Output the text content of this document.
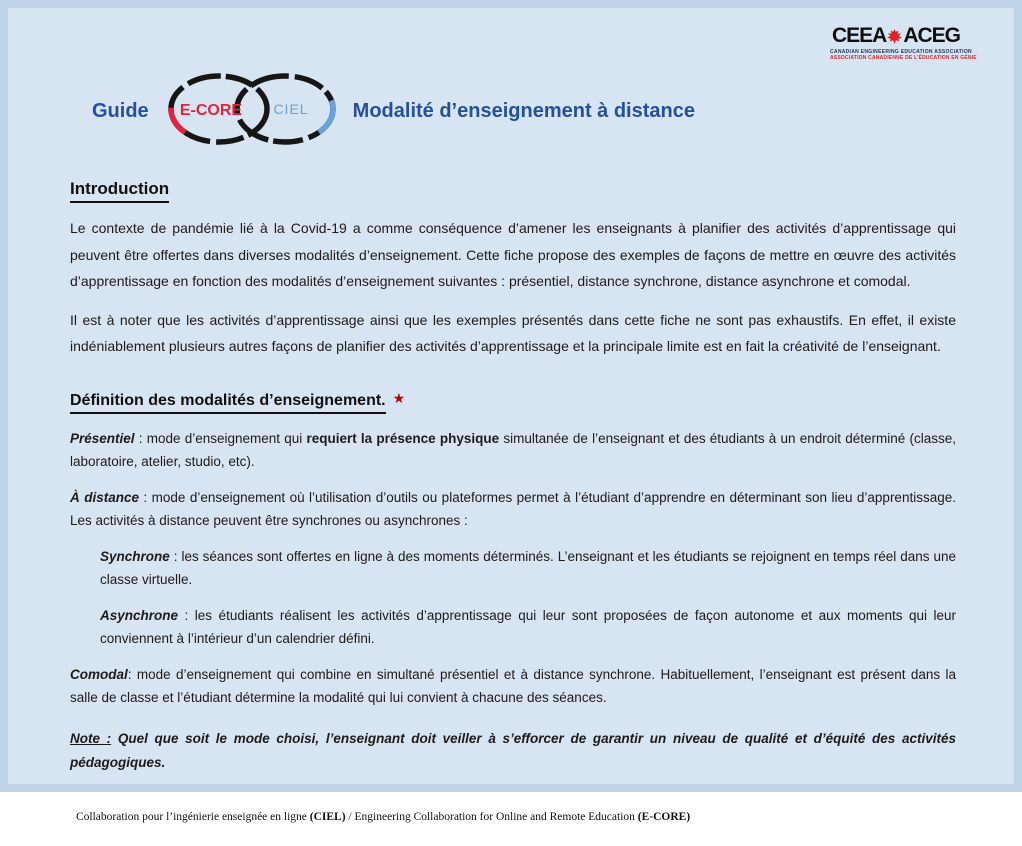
CEEA ACEG
CANADIAN ENGINEERING EDUCATION ASSOCIATION
ASSOCIATION CANADIENNE DE L’ÉDUCATION EN GÉNIE
Guide E-CORE CIEL Modalité d’enseignement à distance
Introduction

Le contexte de pandémie lié à la Covid-19 a comme conséquence d’amener les enseignants à planifier des activités d’apprentissage qui peuvent être offertes dans diverses modalités d’enseignement. Cette fiche propose des exemples de façons de mettre en œuvre des activités d’apprentissage en fonction des modalités d’enseignement suivantes : présentiel, distance synchrone, distance asynchrone et comodal.

Il est à noter que les activités d’apprentissage ainsi que les exemples présentés dans cette fiche ne sont pas exhaustifs. En effet, il existe indéniablement plusieurs autres façons de planifier des activités d’apprentissage et la principale limite est en fait la créativité de l’enseignant.

Définition des modalités d’enseignement. ★

Présentiel : mode d’enseignement qui requiert la présence physique simultanée de l’enseignant et des étudiants à un endroit déterminé (classe, laboratoire, atelier, studio, etc).

À distance : mode d’enseignement où l’utilisation d’outils ou plateformes permet à l’étudiant d’apprendre en déterminant son lieu d’apprentissage. Les activités à distance peuvent être synchrones ou asynchrones :

Synchrone : les séances sont offertes en ligne à des moments déterminés. L’enseignant et les étudiants se rejoignent en temps réel dans une classe virtuelle.

Asynchrone : les étudiants réalisent les activités d’apprentissage qui leur sont proposées de façon autonome et aux moments qui leur conviennent à l’intérieur d’un calendrier défini.

Comodal: mode d’enseignement qui combine en simultané présentiel et à distance synchrone. Habituellement, l’enseignant est présent dans la salle de classe et l’étudiant détermine la modalité qui lui convient à chacune des séances.

Note : Quel que soit le mode choisi, l’enseignant doit veiller à s’efforcer de garantir un niveau de qualité et d’équité des activités pédagogiques.

Collaboration pour l’ingénierie enseignée en ligne (CIEL) / Engineering Collaboration for Online and Remote Education (E-CORE)
